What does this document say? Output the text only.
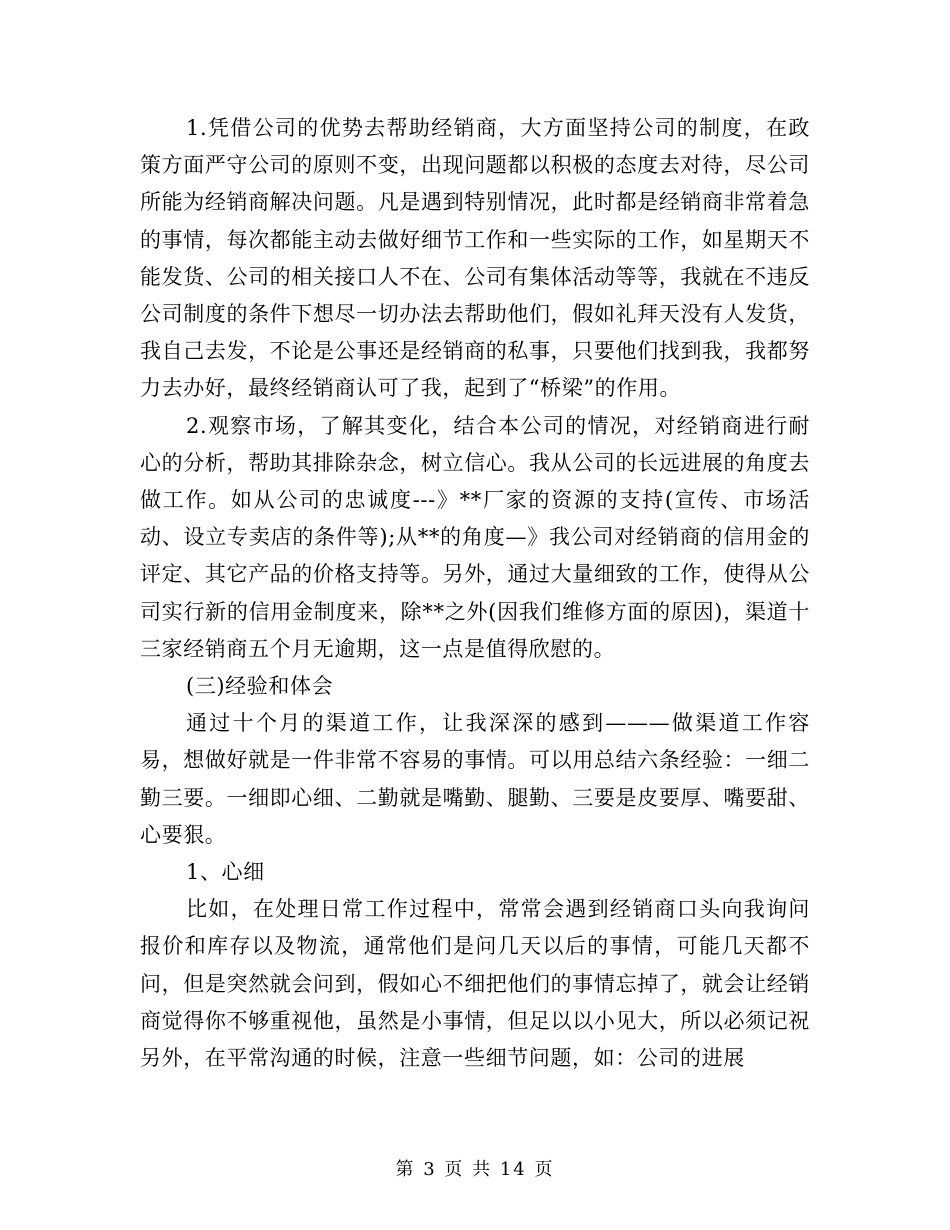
1.凭借公司的优势去帮助经销商，大方面坚持公司的制度，在政策方面严守公司的原则不变，出现问题都以积极的态度去对待，尽公司所能为经销商解决问题。凡是遇到特别情况，此时都是经销商非常着急的事情，每次都能主动去做好细节工作和一些实际的工作，如星期天不能发货、公司的相关接口人不在、公司有集体活动等等，我就在不违反公司制度的条件下想尽一切办法去帮助他们，假如礼拜天没有人发货，我自己去发，不论是公事还是经销商的私事，只要他们找到我，我都努力去办好，最终经销商认可了我，起到了“桥梁”的作用。

2.观察市场，了解其变化，结合本公司的情况，对经销商进行耐心的分析，帮助其排除杂念，树立信心。我从公司的长远进展的角度去做工作。如从公司的忠诚度---》**厂家的资源的支持(宣传、市场活动、设立专卖店的条件等);从**的角度—》我公司对经销商的信用金的评定、其它产品的价格支持等。另外，通过大量细致的工作，使得从公司实行新的信用金制度来，除**之外(因我们维修方面的原因)，渠道十三家经销商五个月无逾期，这一点是值得欣慰的。

(三)经验和体会

通过十个月的渠道工作，让我深深的感到———做渠道工作容易，想做好就是一件非常不容易的事情。可以用总结六条经验：一细二勤三要。一细即心细、二勤就是嘴勤、腿勤、三要是皮要厚、嘴要甜、心要狠。

1、心细

比如，在处理日常工作过程中，常常会遇到经销商口头向我询问报价和库存以及物流，通常他们是问几天以后的事情，可能几天都不问，但是突然就会问到，假如心不细把他们的事情忘掉了，就会让经销商觉得你不够重视他，虽然是小事情，但足以以小见大，所以必须记祝另外，在平常沟通的时候，注意一些细节问题，如：公司的进展

第 3 页 共 14 页
